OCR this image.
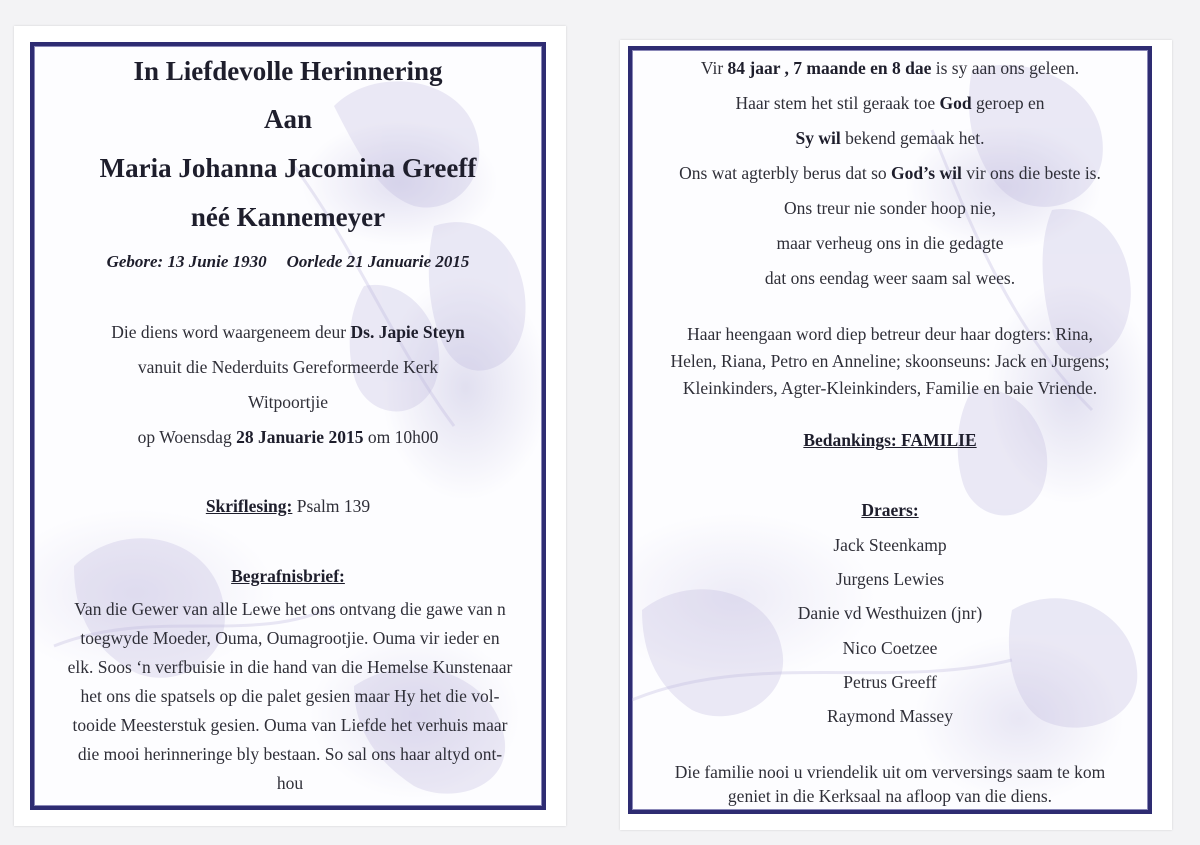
In Liefdevolle Herinnering
Aan
Maria Johanna Jacomina Greeff
néé Kannemeyer
Gebore: 13 Junie 1930 Oorlede 21 Januarie 2015
Die diens word waargeneem deur Ds. Japie Steyn
vanuit die Nederduits Gereformeerde Kerk
Witpoortjie
op Woensdag 28 Januarie 2015 om 10h00
Skriflesing: Psalm 139
Begrafnisbrief:
Van die Gewer van alle Lewe het ons ontvang die gawe van n
toegwyde Moeder, Ouma, Oumagrootjie. Ouma vir ieder en
elk. Soos ‘n verfbuisie in die hand van die Hemelse Kunstenaar
het ons die spatsels op die palet gesien maar Hy het die vol-
tooide Meesterstuk gesien. Ouma van Liefde het verhuis maar
die mooi herinneringe bly bestaan. So sal ons haar altyd ont-
hou
Vir 84 jaar , 7 maande en 8 dae is sy aan ons geleen.
Haar stem het stil geraak toe God geroep en
Sy wil bekend gemaak het.
Ons wat agterbly berus dat so God’s wil vir ons die beste is.
Ons treur nie sonder hoop nie,
maar verheug ons in die gedagte
dat ons eendag weer saam sal wees.
Haar heengaan word diep betreur deur haar dogters: Rina,
Helen, Riana, Petro en Anneline; skoonseuns: Jack en Jurgens;
Kleinkinders, Agter-Kleinkinders, Familie en baie Vriende.
Bedankings: FAMILIE
Draers:
Jack Steenkamp
Jurgens Lewies
Danie vd Westhuizen (jnr)
Nico Coetzee
Petrus Greeff
Raymond Massey
Die familie nooi u vriendelik uit om verversings saam te kom
geniet in die Kerksaal na afloop van die diens.
